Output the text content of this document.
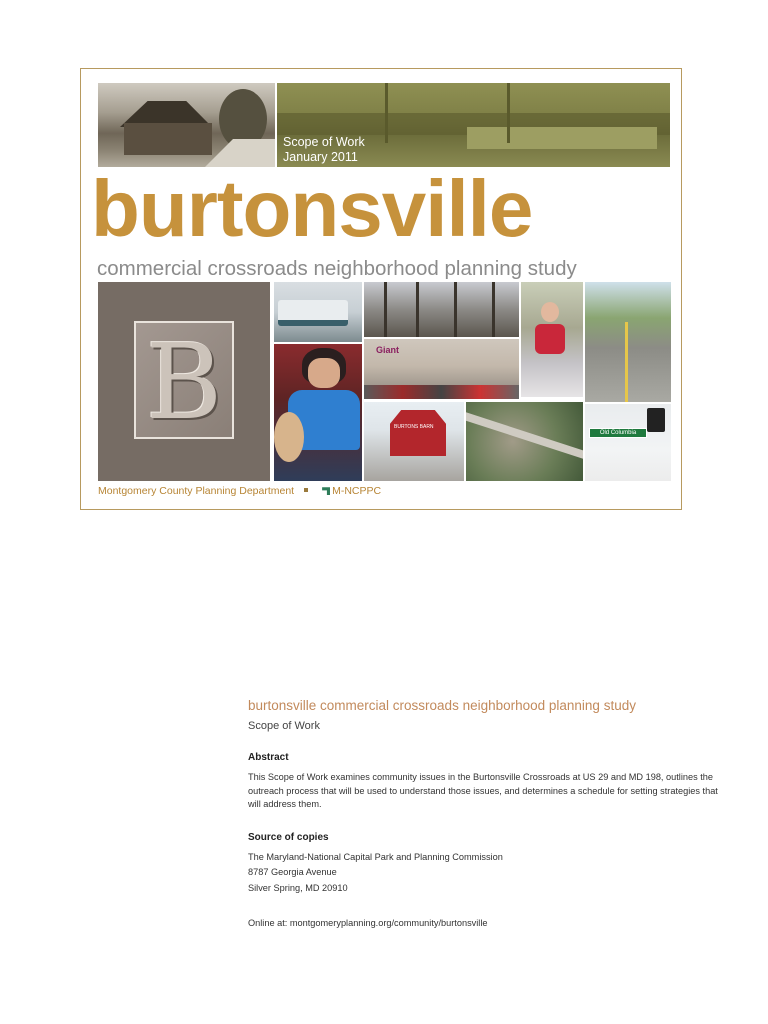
Scope of Work
January 2011
burtonsville
commercial crossroads neighborhood planning study
B	Giant
BURTONS BARN
Old Columbia
Montgomery County Planning Department	M-NCPPC
burtonsville commercial crossroads neighborhood planning study
Scope of Work
Abstract
This Scope of Work examines community issues in the Burtonsville Crossroads at US 29 and MD 198, outlines the outreach process that will be used to understand those issues, and determines a schedule for setting strategies that will address them.
Source of copies
The Maryland-National Capital Park and Planning Commission
8787 Georgia Avenue
Silver Spring, MD 20910
Online at: montgomeryplanning.org/community/burtonsville
